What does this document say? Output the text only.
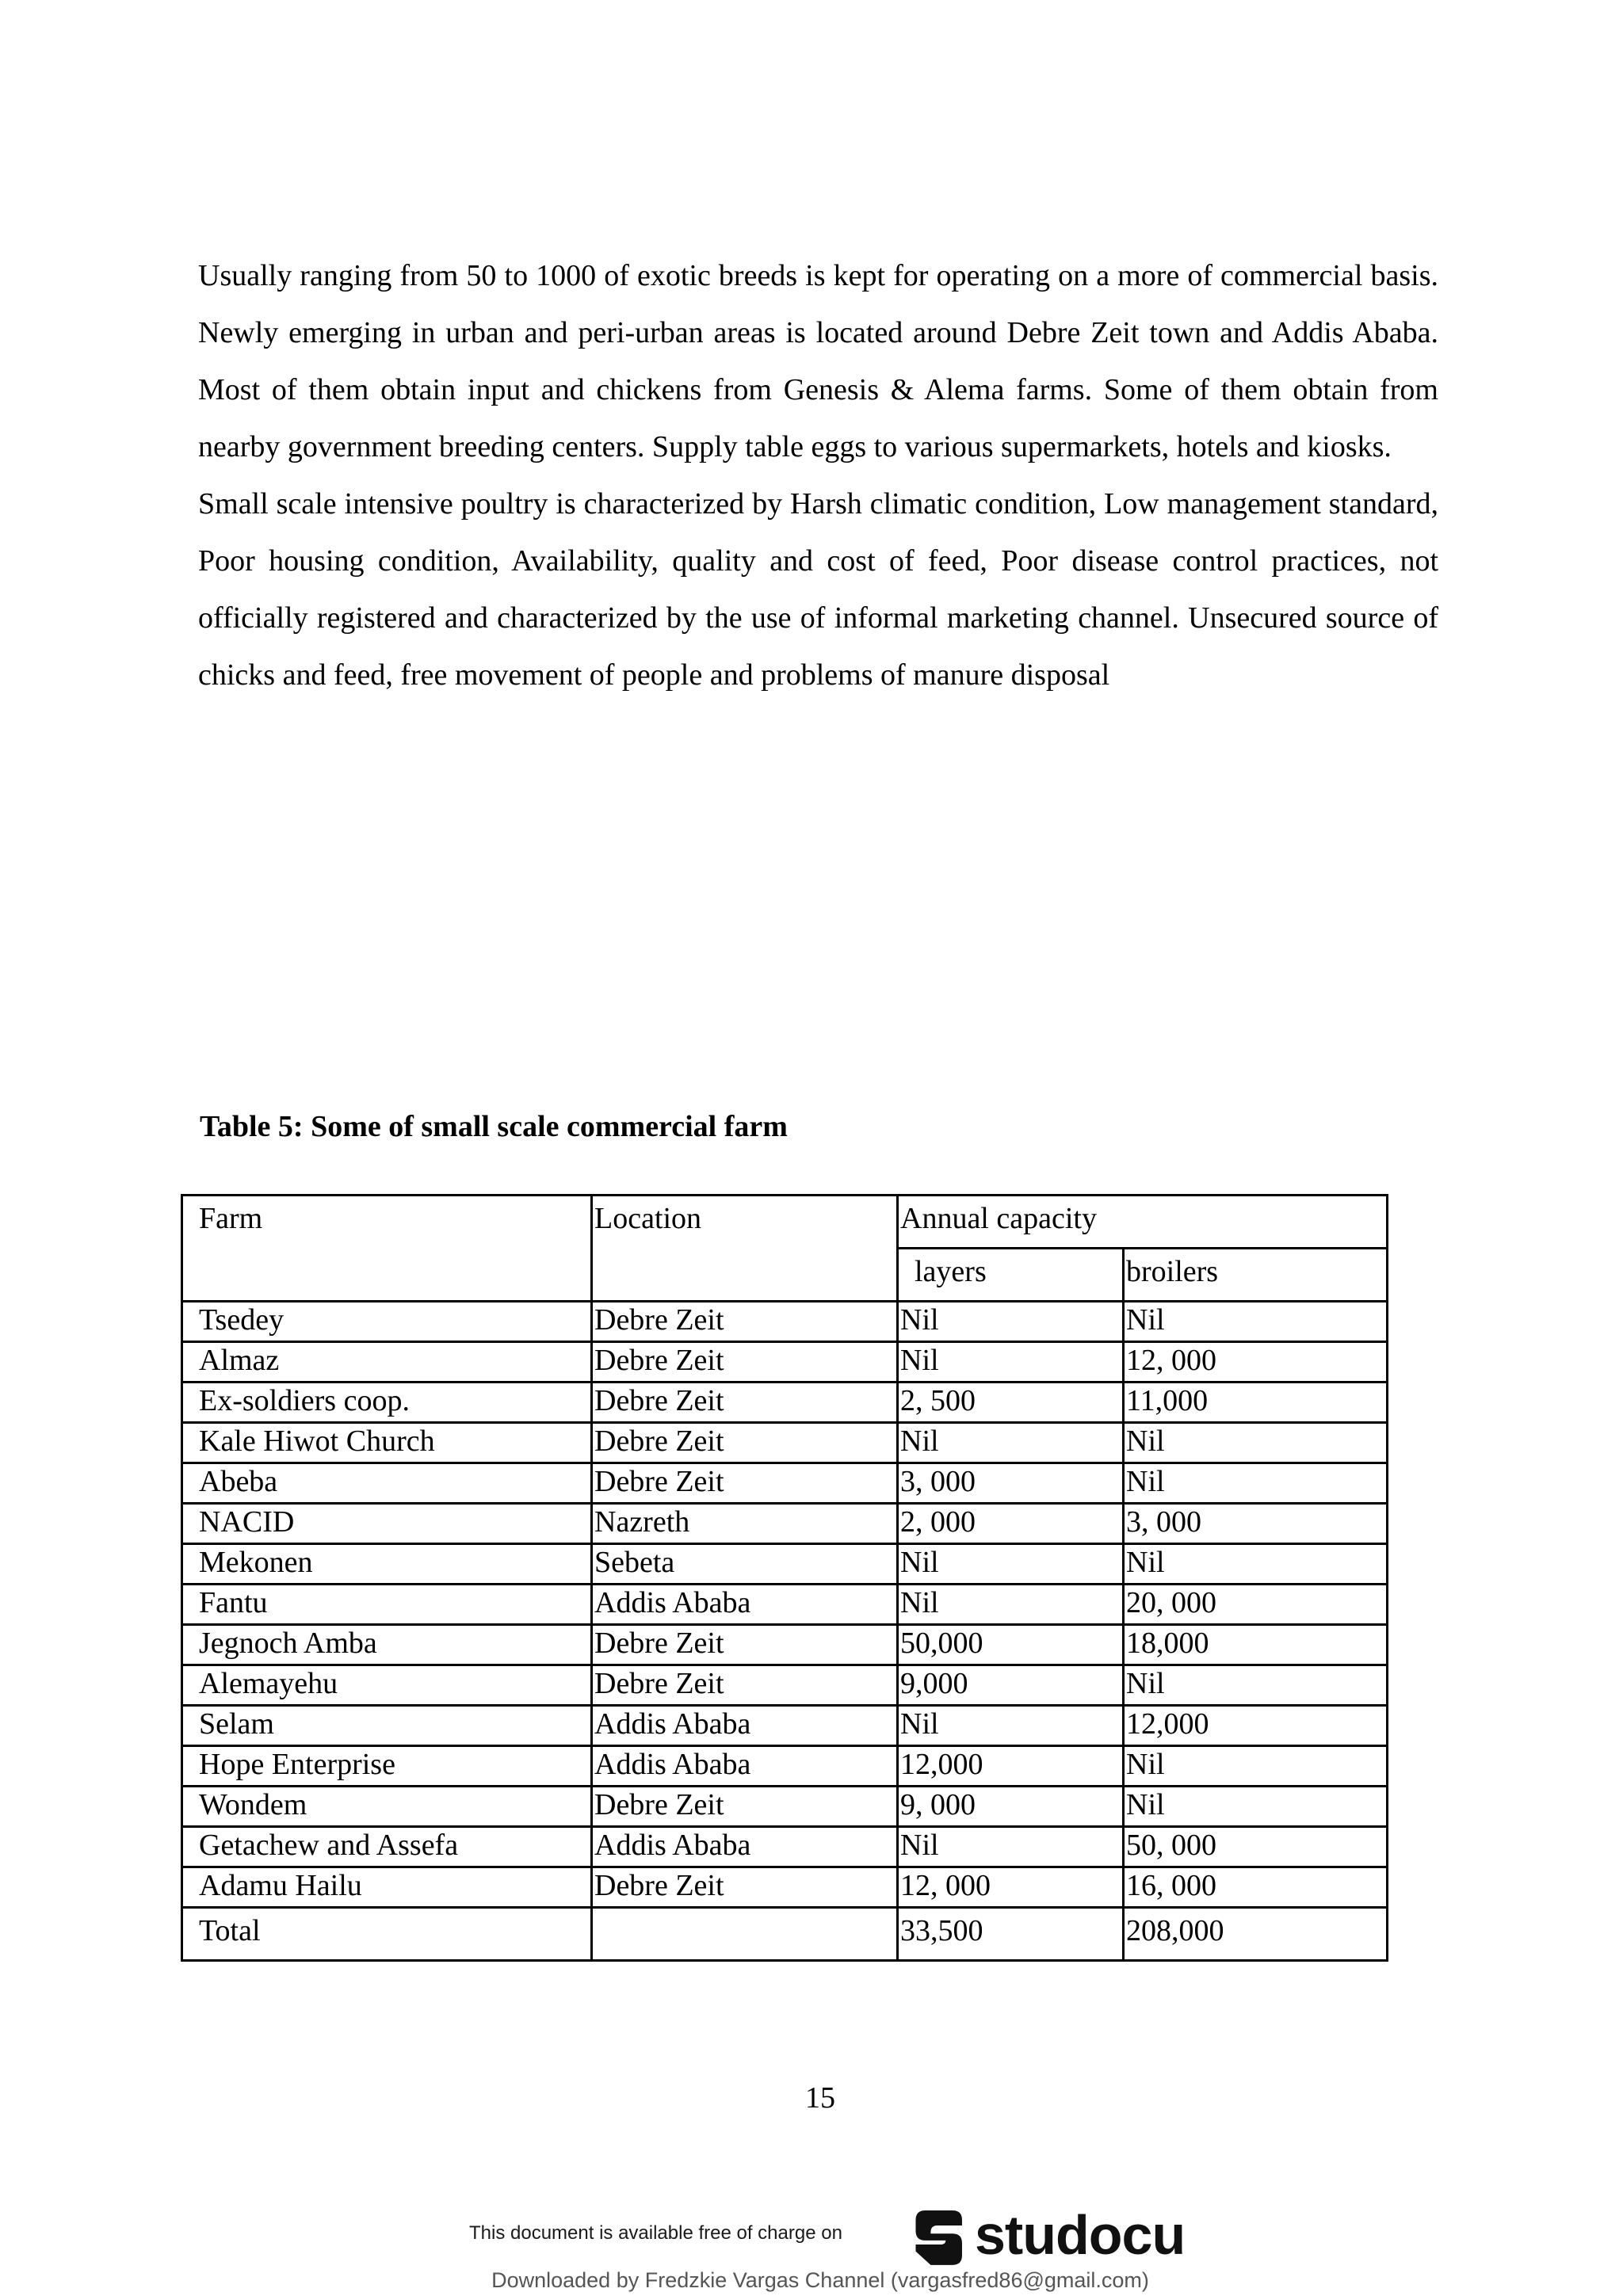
Usually ranging from 50 to 1000 of exotic breeds is kept for operating on a more of commercial basis. Newly emerging in urban and peri-urban areas is located around Debre Zeit town and Addis Ababa. Most of them obtain input and chickens from Genesis & Alema farms. Some of them obtain from nearby government breeding centers. Supply table eggs to various supermarkets, hotels and kiosks.

Small scale intensive poultry is characterized by Harsh climatic condition, Low management standard, Poor housing condition, Availability, quality and cost of feed, Poor disease control practices, not officially registered and characterized by the use of informal marketing channel. Unsecured source of chicks and feed, free movement of people and problems of manure disposal

Table 5: Some of small scale commercial farm
Farm	Location	Annual capacity	
		layers	broilers
Tsedey	Debre Zeit	Nil	Nil
Almaz	Debre Zeit	Nil	12, 000
Ex-soldiers coop.	Debre Zeit	2, 500	11,000
Kale Hiwot Church	Debre Zeit	Nil	Nil
Abeba	Debre Zeit	3, 000	Nil
NACID	Nazreth	2, 000	3, 000
Mekonen	Sebeta	Nil	Nil
Fantu	Addis Ababa	Nil	20, 000
Jegnoch Amba	Debre Zeit	50,000	18,000
Alemayehu	Debre Zeit	9,000	Nil
Selam	Addis Ababa	Nil	12,000
Hope Enterprise	Addis Ababa	12,000	Nil
Wondem	Debre Zeit	9, 000	Nil
Getachew and Assefa	Addis Ababa	Nil	50, 000
Adamu Hailu	Debre Zeit	12, 000	16, 000
Total		33,500	208,000
15
This document is available free of charge on studocu
Downloaded by Fredzkie Vargas Channel (vargasfred86@gmail.com)
